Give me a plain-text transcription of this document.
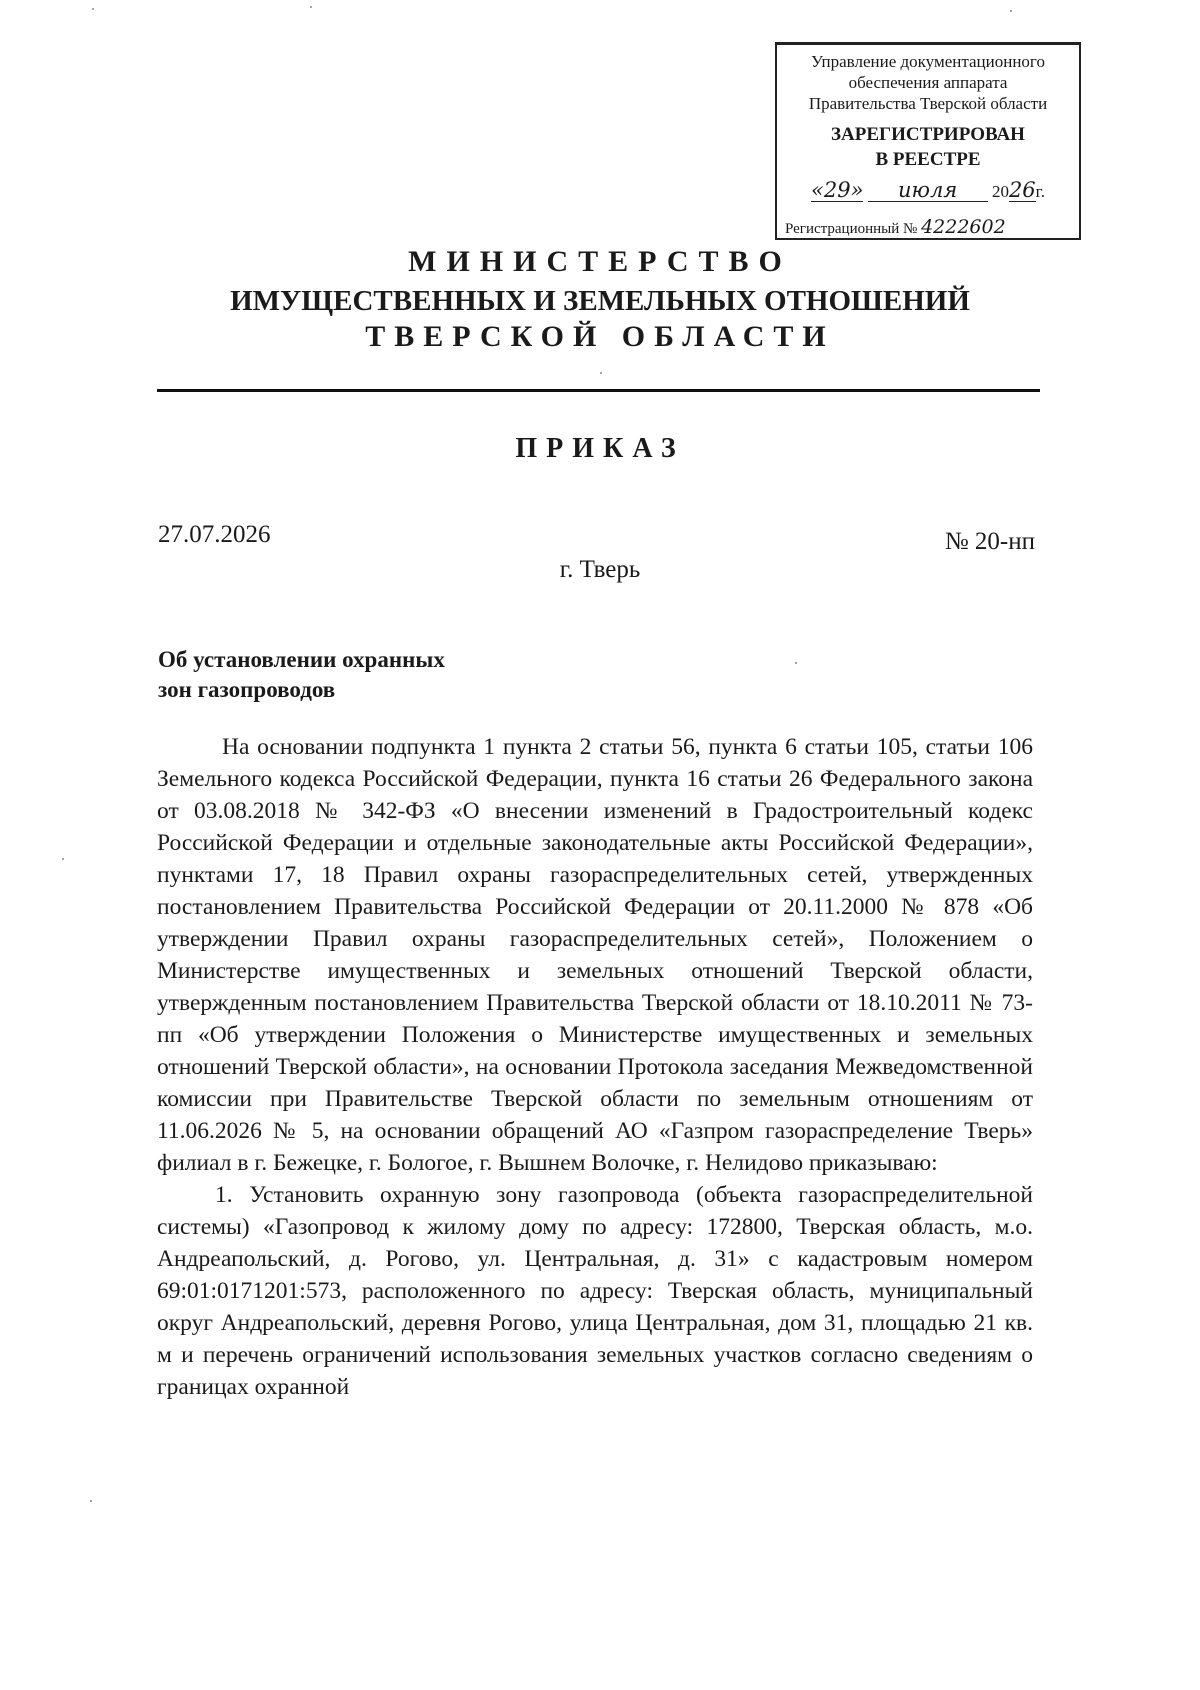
Управление документационного
обеспечения аппарата
Правительства Тверской области
ЗАРЕГИСТРИРОВАН
В РЕЕСТРЕ
«29» июля 2026г.
Регистрационный № 4222602
МИНИСТЕРСТВО
ИМУЩЕСТВЕННЫХ И ЗЕМЕЛЬНЫХ ОТНОШЕНИЙ
ТВЕРСКОЙ ОБЛАСТИ
ПРИКАЗ
27.07.2026	№ 20-нп
г. Тверь
Об установлении охранных
зон газопроводов

На основании подпункта 1 пункта 2 статьи 56, пункта 6 статьи 105, статьи 106 Земельного кодекса Российской Федерации, пункта 16 статьи 26 Федерального закона от 03.08.2018 № 342-ФЗ «О внесении изменений в Градостроительный кодекс Российской Федерации и отдельные законодательные акты Российской Федерации», пунктами 17, 18 Правил охраны газораспределительных сетей, утвержденных постановлением Правительства Российской Федерации от 20.11.2000 № 878 «Об утверждении Правил охраны газораспределительных сетей», Положением о Министерстве имущественных и земельных отношений Тверской области, утвержденным постановлением Правительства Тверской области от 18.10.2011 № 73-пп «Об утверждении Положения о Министерстве имущественных и земельных отношений Тверской области», на основании Протокола заседания Межведомственной комиссии при Правительстве Тверской области по земельным отношениям от 11.06.2026 № 5, на основании обращений АО «Газпром газораспределение Тверь» филиал в г. Бежецке, г. Бологое, г. Вышнем Волочке, г. Нелидово приказываю:

1. Установить охранную зону газопровода (объекта газораспределительной системы) «Газопровод к жилому дому по адресу: 172800, Тверская область, м.о. Андреапольский, д. Рогово, ул. Центральная, д. 31» с кадастровым номером 69:01:0171201:573, расположенного по адресу: Тверская область, муниципальный округ Андреапольский, деревня Рогово, улица Центральная, дом 31, площадью 21 кв. м и перечень ограничений использования земельных участков согласно сведениям о границах охранной
